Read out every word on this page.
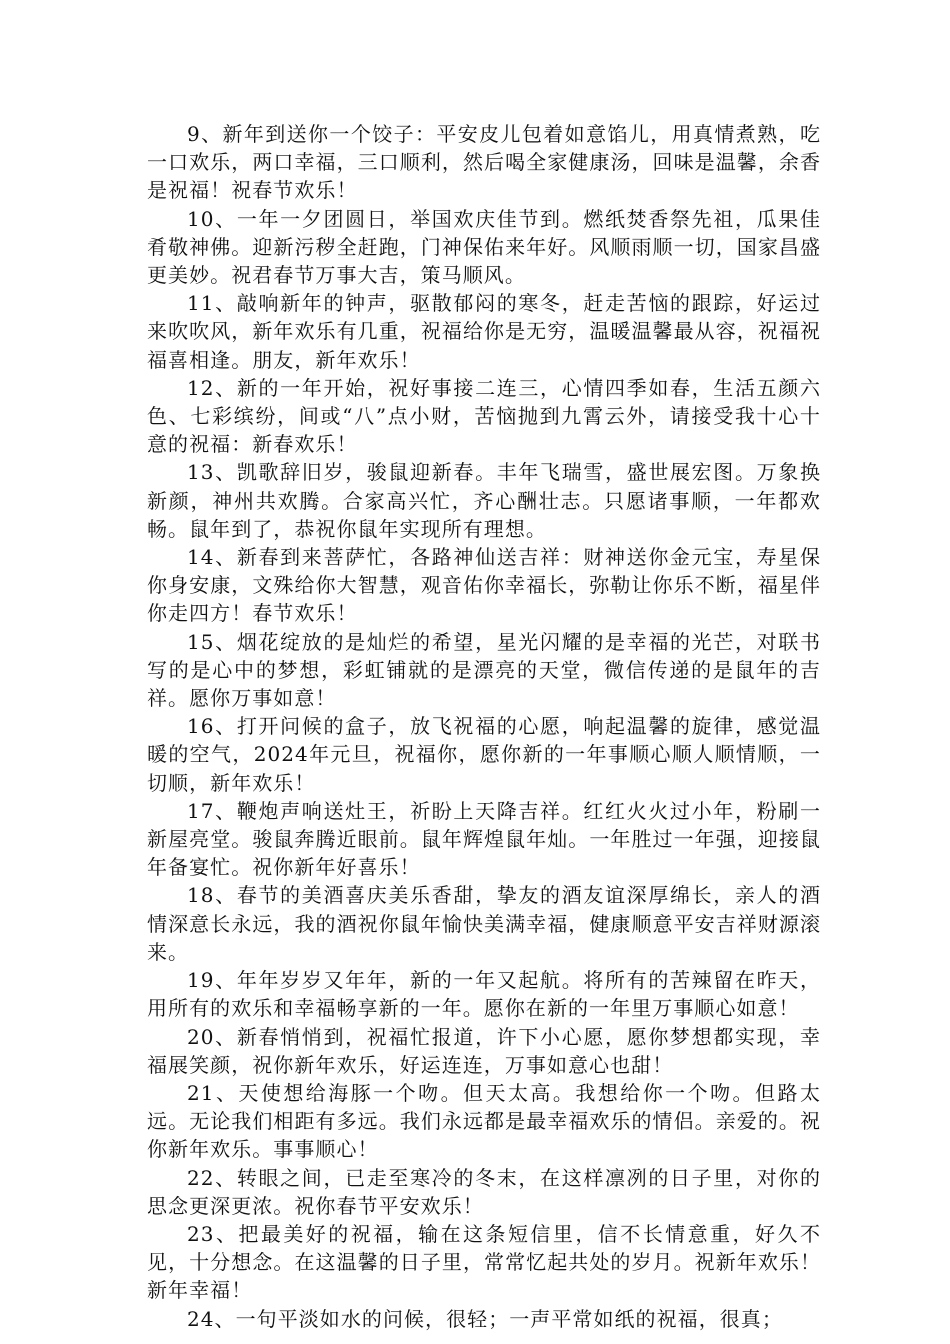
9、新年到送你一个饺子：平安皮儿包着如意馅儿，用真情煮熟，吃一口欢乐，两口幸福，三口顺利，然后喝全家健康汤，回味是温馨，余香是祝福！祝春节欢乐！

10、一年一夕团圆日，举国欢庆佳节到。燃纸焚香祭先祖，瓜果佳肴敬神佛。迎新污秽全赶跑，门神保佑来年好。风顺雨顺一切，国家昌盛更美妙。祝君春节万事大吉，策马顺风。

11、敲响新年的钟声，驱散郁闷的寒冬，赶走苦恼的跟踪，好运过来吹吹风，新年欢乐有几重，祝福给你是无穷，温暖温馨最从容，祝福祝福喜相逢。朋友，新年欢乐！

12、新的一年开始，祝好事接二连三，心情四季如春，生活五颜六色、七彩缤纷，间或“八”点小财，苦恼抛到九霄云外，请接受我十心十意的祝福：新春欢乐！

13、凯歌辞旧岁，骏鼠迎新春。丰年飞瑞雪，盛世展宏图。万象换新颜，神州共欢腾。合家高兴忙，齐心酬壮志。只愿诸事顺，一年都欢畅。鼠年到了，恭祝你鼠年实现所有理想。

14、新春到来菩萨忙，各路神仙送吉祥：财神送你金元宝，寿星保你身安康，文殊给你大智慧，观音佑你幸福长，弥勒让你乐不断，福星伴你走四方！春节欢乐！

15、烟花绽放的是灿烂的希望，星光闪耀的是幸福的光芒，对联书写的是心中的梦想，彩虹铺就的是漂亮的天堂，微信传递的是鼠年的吉祥。愿你万事如意！

16、打开问候的盒子，放飞祝福的心愿，响起温馨的旋律，感觉温暖的空气，2024年元旦，祝福你，愿你新的一年事顺心顺人顺情顺，一切顺，新年欢乐！

17、鞭炮声响送灶王，祈盼上天降吉祥。红红火火过小年，粉刷一新屋亮堂。骏鼠奔腾近眼前。鼠年辉煌鼠年灿。一年胜过一年强，迎接鼠年备宴忙。祝你新年好喜乐！

18、春节的美酒喜庆美乐香甜，挚友的酒友谊深厚绵长，亲人的酒情深意长永远，我的酒祝你鼠年愉快美满幸福，健康顺意平安吉祥财源滚来。

19、年年岁岁又年年，新的一年又起航。将所有的苦辣留在昨天，用所有的欢乐和幸福畅享新的一年。愿你在新的一年里万事顺心如意！

20、新春悄悄到，祝福忙报道，许下小心愿，愿你梦想都实现，幸福展笑颜，祝你新年欢乐，好运连连，万事如意心也甜！

21、天使想给海豚一个吻。但天太高。我想给你一个吻。但路太远。无论我们相距有多远。我们永远都是最幸福欢乐的情侣。亲爱的。祝你新年欢乐。事事顺心！

22、转眼之间，已走至寒冷的冬末，在这样凛冽的日子里，对你的思念更深更浓。祝你春节平安欢乐！

23、把最美好的祝福，输在这条短信里，信不长情意重，好久不见，十分想念。在这温馨的日子里，常常忆起共处的岁月。祝新年欢乐！新年幸福！

24、一句平淡如水的问候，很轻；一声平常如纸的祝福，很真；
